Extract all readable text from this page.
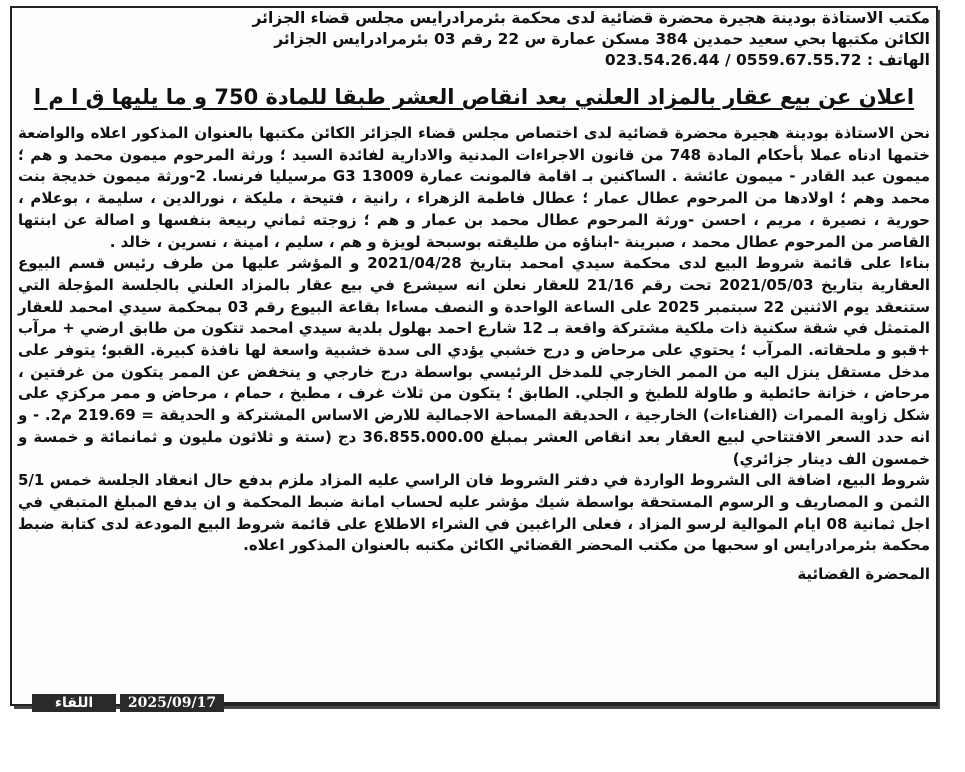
مكتب الاستاذة بودينة هجيرة محضرة قضائية لدى محكمة بئرمرادرايس مجلس قضاء الجزائر

الكائن مكتبها بحي سعيد حمدين 384 مسكن عمارة س 22 رقم 03 بئرمرادرايس الجزائر

الهاتف : 0559.67.55.72 / 023.54.26.44

اعلان عن بيع عقار بالمزاد العلني بعد انقاص العشر طبقا للمادة 750 و ما يليها ق ا م ا

نحن الاستاذة بودينة هجيرة محضرة قضائية لدى اختصاص مجلس قضاء الجزائر الكائن مكتبها بالعنوان المذكور اعلاه والواضعة ختمها ادناه عملا بأحكام المادة 748 من قانون الاجراءات المدنية والادارية لفائدة السيد ؛ ورثة المرحوم ميمون محمد و هم ؛ ميمون عبد القادر - ميمون عائشة . الساكنين بـ اقامة فالمونت عمارة G3 13009 مرسيليا فرنسا. 2-ورثة ميمون خديجة بنت محمد وهم ؛ اولادها من المرحوم عطال عمار ؛ عطال فاطمة الزهراء ، رانية ، فتيحة ، مليكة ، نورالدين ، سليمة ، بوعلام ، حورية ، نصيرة ، مريم ، احسن -ورثة المرحوم عطال محمد بن عمار و هم ؛ زوجته ثماني ربيعة بنفسها و اصالة عن ابنتها القاصر من المرحوم عطال محمد ، صبرينة -ابناؤه من طليقته بوسبحة لويزة و هم ، سليم ، امينة ، نسرين ، خالد .

بناءا على قائمة شروط البيع لدى محكمة سيدي امحمد بتاريخ 2021/04/28 و المؤشر عليها من طرف رئيس قسم البيوع العقارية بتاريخ 2021/05/03 تحت رقم 21/16 للعقار نعلن انه سيشرع في بيع عقار بالمزاد العلني بالجلسة المؤجلة التي ستنعقد يوم الاثنين 22 سبتمبر 2025 على الساعة الواحدة و النصف مساءا بقاعة البيوع رقم 03 بمحكمة سيدي امحمد للعقار المتمثل في شقة سكنية ذات ملكية مشتركة واقعة بـ 12 شارع احمد بهلول بلدية سيدي امحمد تتكون من طابق ارضي + مرآب +قبو و ملحقاته. المرآب ؛ يحتوي على مرحاض و درج خشبي يؤدي الى سدة خشبية واسعة لها نافذة كبيرة. القبو؛ يتوفر على مدخل مستقل ينزل اليه من الممر الخارجي للمدخل الرئيسي بواسطة درج خارجي و ينخفض عن الممر يتكون من غرفتين ، مرحاض ، خزانة حائطية و طاولة للطبخ و الجلي. الطابق ؛ يتكون من ثلاث غرف ، مطبخ ، حمام ، مرحاض و ممر مركزي على شكل زاوية الممرات (الفناءات) الخارجية ، الحديقة المساحة الاجمالية للارض الاساس المشتركة و الحديقة = 219.69 م2. - و انه حدد السعر الافتتاحي لبيع العقار بعد انقاص العشر بمبلغ 36.855.000.00 دج (ستة و ثلاثون مليون و ثمانمائة و خمسة و خمسون الف دينار جزائري)

شروط البيع، اضافة الى الشروط الواردة في دفتر الشروط فان الراسي عليه المزاد ملزم بدفع حال انعقاد الجلسة خمس 5/1 الثمن و المصاريف و الرسوم المستحقة بواسطة شيك مؤشر عليه لحساب امانة ضبط المحكمة و ان يدفع المبلغ المتبقي في اجل ثمانية 08 ايام الموالية لرسو المزاد ، فعلى الراغبين في الشراء الاطلاع على قائمة شروط البيع المودعة لدى كتابة ضبط محكمة بئرمرادرايس او سحبها من مكتب المحضر القضائي الكائن مكتبه بالعنوان المذكور اعلاه.

المحضرة القضائية
2025/09/17
اللقاء
